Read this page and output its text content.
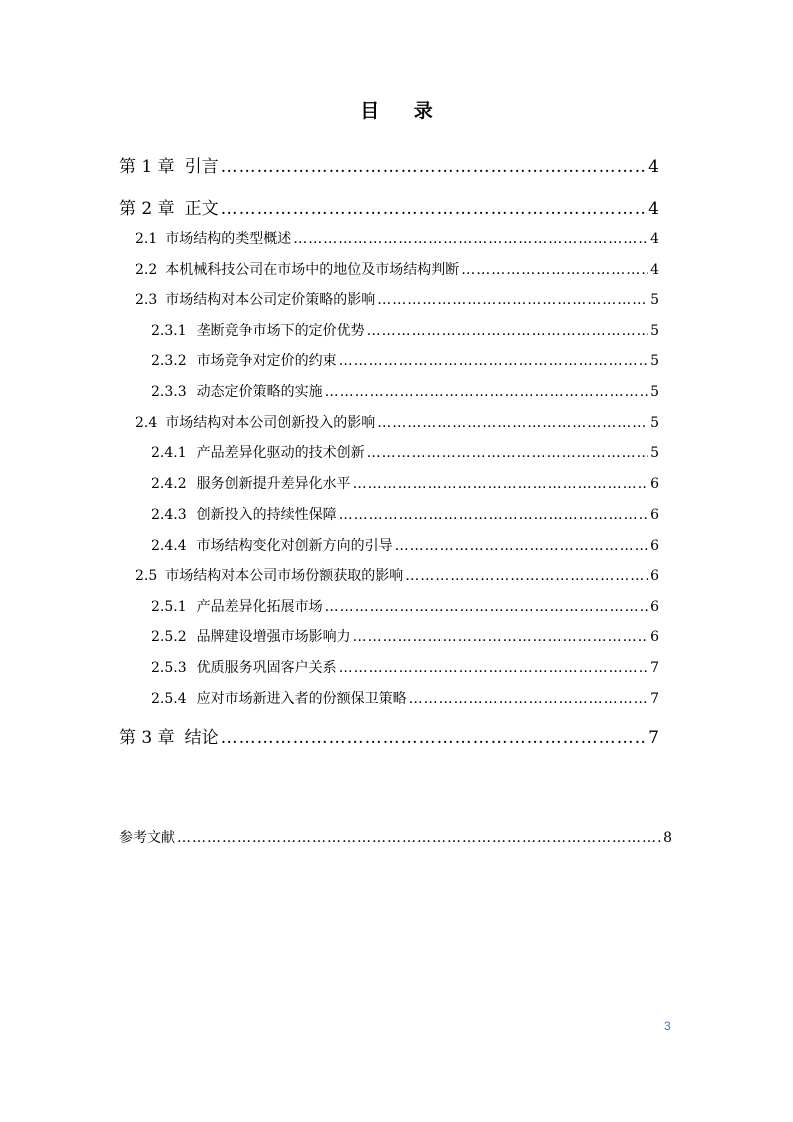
目 录
第 1 章 引言 ……………………………………………………………………………………………………………………………………………………………………	4
第 2 章 正文 ……………………………………………………………………………………………………………………………………………………………………	4
2.1 市场结构的类型概述 ……………………………………………………………………………………………………………………………………………………………………	4
2.2 本机械科技公司在市场中的地位及市场结构判断 ……………………………………………………………………………………………………………………………………………………………………	4
2.3 市场结构对本公司定价策略的影响 ……………………………………………………………………………………………………………………………………………………………………	5
2.3.1 垄断竞争市场下的定价优势 ……………………………………………………………………………………………………………………………………………………………………	5
2.3.2 市场竞争对定价的约束 ……………………………………………………………………………………………………………………………………………………………………	5
2.3.3 动态定价策略的实施 ……………………………………………………………………………………………………………………………………………………………………	5
2.4 市场结构对本公司创新投入的影响 ……………………………………………………………………………………………………………………………………………………………………	5
2.4.1 产品差异化驱动的技术创新 ……………………………………………………………………………………………………………………………………………………………………	5
2.4.2 服务创新提升差异化水平 ……………………………………………………………………………………………………………………………………………………………………	6
2.4.3 创新投入的持续性保障 ……………………………………………………………………………………………………………………………………………………………………	6
2.4.4 市场结构变化对创新方向的引导 ……………………………………………………………………………………………………………………………………………………………………	6
2.5 市场结构对本公司市场份额获取的影响 ……………………………………………………………………………………………………………………………………………………………………	6
2.5.1 产品差异化拓展市场 ……………………………………………………………………………………………………………………………………………………………………	6
2.5.2 品牌建设增强市场影响力 ……………………………………………………………………………………………………………………………………………………………………	6
2.5.3 优质服务巩固客户关系 ……………………………………………………………………………………………………………………………………………………………………	7
2.5.4 应对市场新进入者的份额保卫策略 ……………………………………………………………………………………………………………………………………………………………………	7
第 3 章 结论 ……………………………………………………………………………………………………………………………………………………………………	7
参考文献 ……………………………………………………………………………………………………………………………………………………………………	8
3
